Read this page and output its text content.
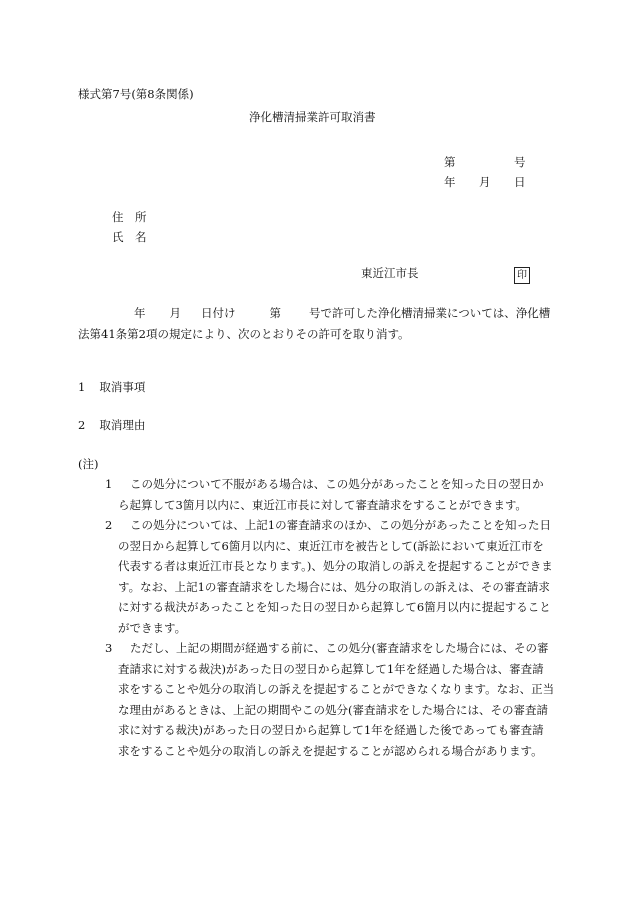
様式第7号(第8条関係)

浄化槽清掃業許可取消書

第	号

年 月 日

住　所

氏　名

東近江市長	印
年 月 日付け	第 号で許可した浄化槽清掃業については、浄化槽法第41条第2項の規定により、次のとおりその許可を取り消す。

1 取消事項

2 取消理由

(注)

1 この処分について不服がある場合は、この処分があったことを知った日の翌日から起算して3箇月以内に、東近江市長に対して審査請求をすることができます。
2 この処分については、上記1の審査請求のほか、この処分があったことを知った日の翌日から起算して6箇月以内に、東近江市を被告として(訴訟において東近江市を代表する者は東近江市長となります。)、処分の取消しの訴えを提起することができます。なお、上記1の審査請求をした場合には、処分の取消しの訴えは、その審査請求に対する裁決があったことを知った日の翌日から起算して6箇月以内に提起することができます。
3 ただし、上記の期間が経過する前に、この処分(審査請求をした場合には、その審査請求に対する裁決)があった日の翌日から起算して1年を経過した場合は、審査請求をすることや処分の取消しの訴えを提起することができなくなります。なお、正当な理由があるときは、上記の期間やこの処分(審査請求をした場合には、その審査請求に対する裁決)があった日の翌日から起算して1年を経過した後であっても審査請求をすることや処分の取消しの訴えを提起することが認められる場合があります。
